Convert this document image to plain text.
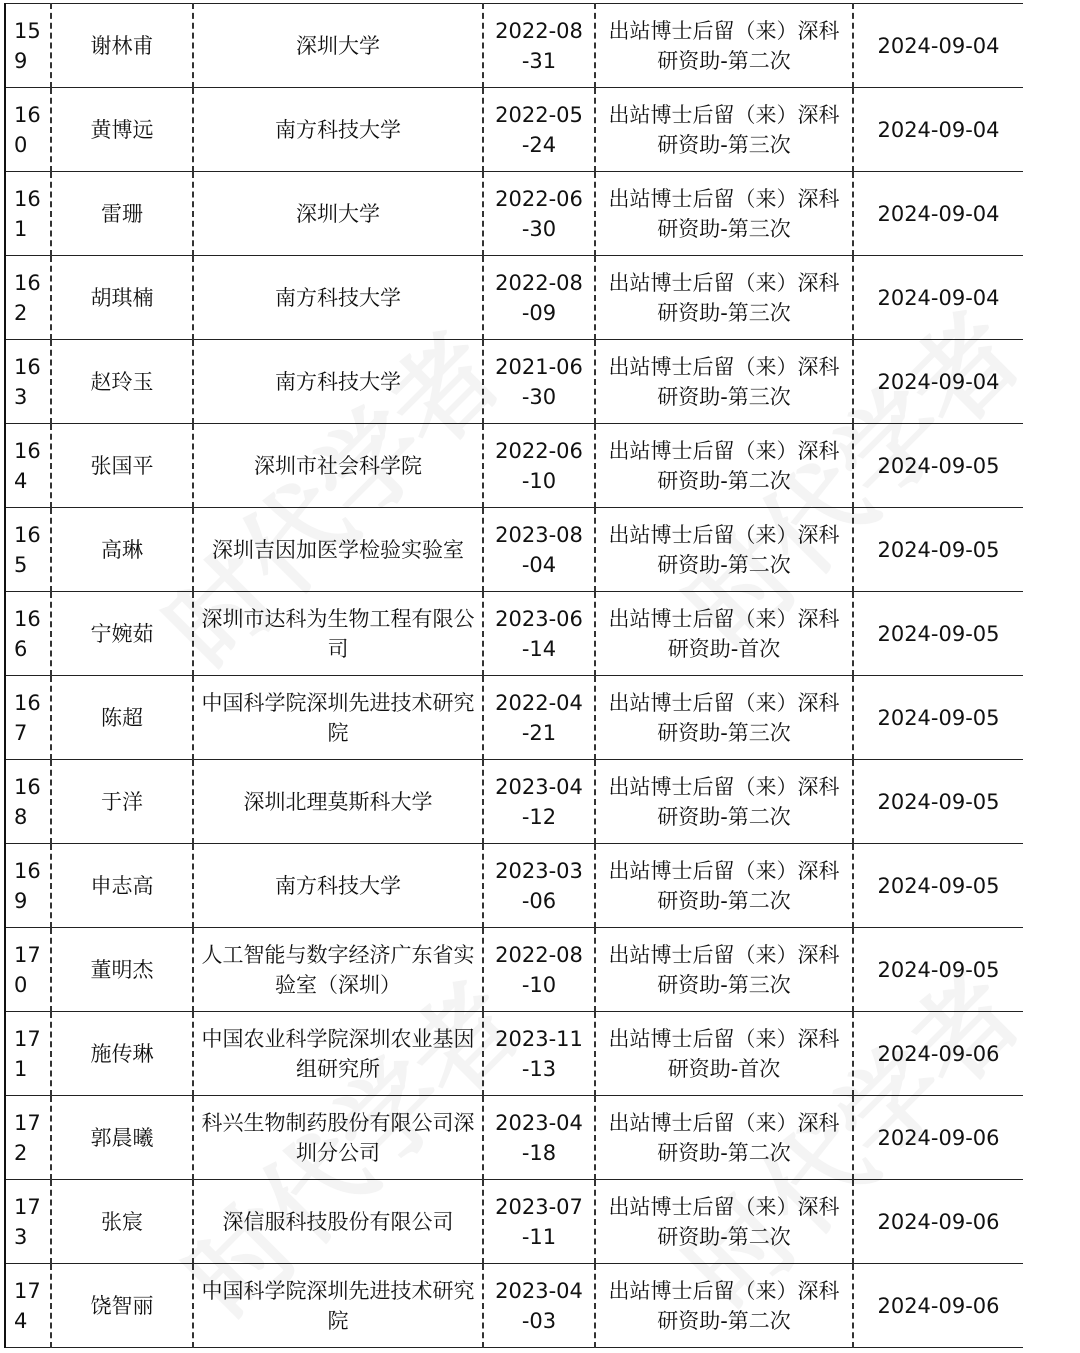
159	谢林甫	深圳大学	2022-08-31	出站博士后留（来）深科研资助-第二次	2024-09-04
160	黄博远	南方科技大学	2022-05-24	出站博士后留（来）深科研资助-第三次	2024-09-04
161	雷珊	深圳大学	2022-06-30	出站博士后留（来）深科研资助-第三次	2024-09-04
162	胡琪楠	南方科技大学	2022-08-09	出站博士后留（来）深科研资助-第三次	2024-09-04
163	赵玲玉	南方科技大学	2021-06-30	出站博士后留（来）深科研资助-第三次	2024-09-04
164	张国平	深圳市社会科学院	2022-06-10	出站博士后留（来）深科研资助-第二次	2024-09-05
165	高琳	深圳吉因加医学检验实验室	2023-08-04	出站博士后留（来）深科研资助-第二次	2024-09-05
166	宁婉茹	深圳市达科为生物工程有限公司	2023-06-14	出站博士后留（来）深科研资助-首次	2024-09-05
167	陈超	中国科学院深圳先进技术研究院	2022-04-21	出站博士后留（来）深科研资助-第三次	2024-09-05
168	于洋	深圳北理莫斯科大学	2023-04-12	出站博士后留（来）深科研资助-第二次	2024-09-05
169	申志高	南方科技大学	2023-03-06	出站博士后留（来）深科研资助-第二次	2024-09-05
170	董明杰	人工智能与数字经济广东省实验室（深圳）	2022-08-10	出站博士后留（来）深科研资助-第三次	2024-09-05
171	施传琳	中国农业科学院深圳农业基因组研究所	2023-11-13	出站博士后留（来）深科研资助-首次	2024-09-06
172	郭晨曦	科兴生物制药股份有限公司深圳分公司	2023-04-18	出站博士后留（来）深科研资助-第二次	2024-09-06
173	张宸	深信服科技股份有限公司	2023-07-11	出站博士后留（来）深科研资助-第二次	2024-09-06
174	饶智丽	中国科学院深圳先进技术研究院	2023-04-03	出站博士后留（来）深科研资助-第二次	2024-09-06
